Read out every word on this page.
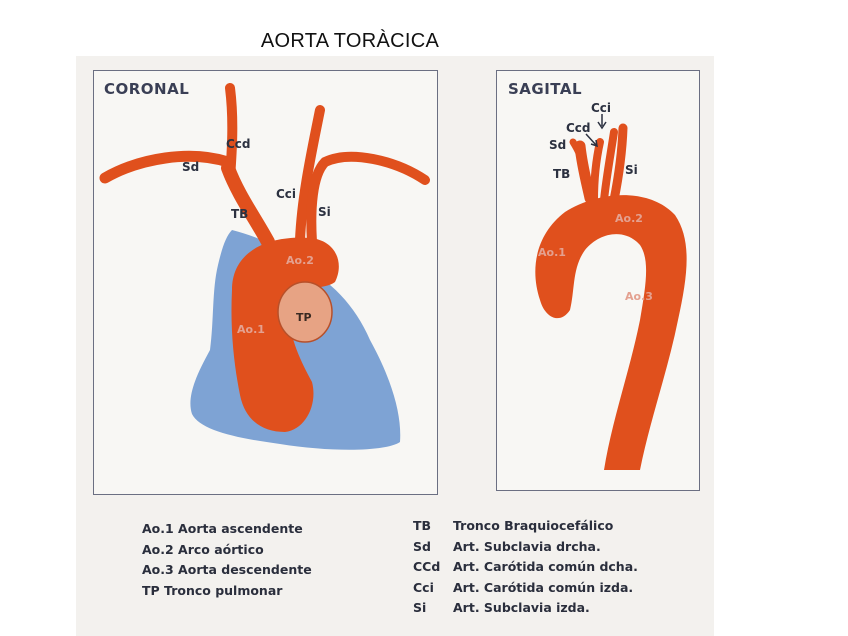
AORTA TORÀCICA
CORONAL	SAGITAL
Ccd
Sd
TB
Cci
Si
Ao.2
Ao.1
TP
Cci
Ccd
Sd
TB	Si
Ao.2
Ao.1
Ao.3
Ao.1 Aorta ascendente
Ao.2 Arco aórtico
Ao.3 Aorta descendente
TP Tronco pulmonar
TB Tronco Braquiocefálico
Sd Art. Subclavia drcha.
CCd Art. Carótida común dcha.
Cci Art. Carótida común izda.
Si Art. Subclavia izda.
